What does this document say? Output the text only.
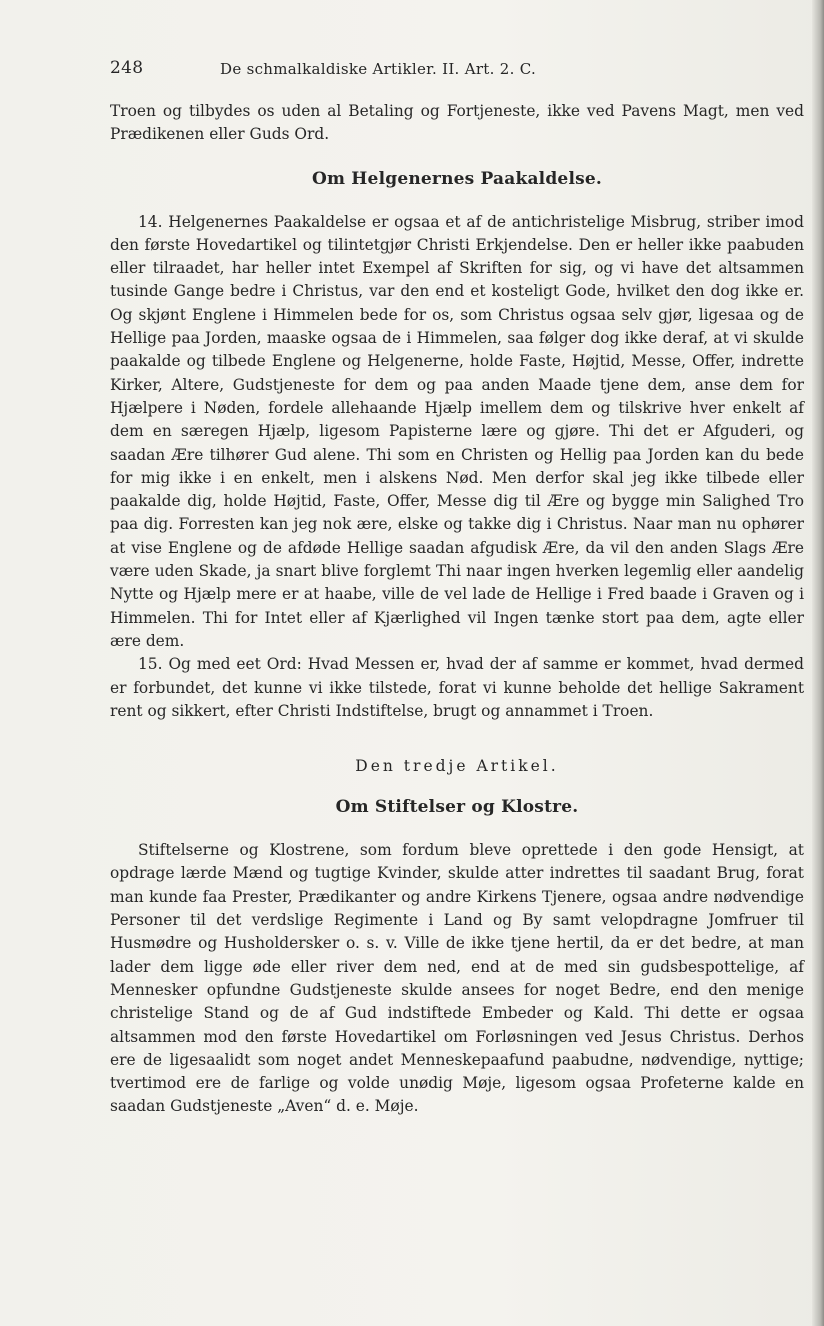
248	De schmalkaldiske Artikler. II. Art. 2. C.

Troen og tilbydes os uden al Betaling og Fortjeneste, ikke ved Pavens Magt, men ved Prædikenen eller Guds Ord.

Om Helgenernes Paakaldelse.

14. Helgenernes Paakaldelse er ogsaa et af de antichristelige Misbrug, striber imod den første Hovedartikel og tilintetgjør Christi Erkjendelse. Den er heller ikke paabuden eller tilraadet, har heller intet Exempel af Skriften for sig, og vi have det altsammen tusinde Gange bedre i Christus, var den end et kosteligt Gode, hvilket den dog ikke er. Og skjønt Englene i Himmelen bede for os, som Christus ogsaa selv gjør, ligesaa og de Hellige paa Jorden, maaske ogsaa de i Himmelen, saa følger dog ikke deraf, at vi skulde paakalde og tilbede Englene og Helgenerne, holde Faste, Højtid, Messe, Offer, indrette Kirker, Altere, Gudstjeneste for dem og paa anden Maade tjene dem, anse dem for Hjælpere i Nøden, fordele allehaande Hjælp imellem dem og tilskrive hver enkelt af dem en særegen Hjælp, ligesom Papisterne lære og gjøre. Thi det er Afguderi, og saadan Ære tilhører Gud alene. Thi som en Christen og Hellig paa Jorden kan du bede for mig ikke i en enkelt, men i alskens Nød. Men derfor skal jeg ikke tilbede eller paakalde dig, holde Højtid, Faste, Offer, Messe dig til Ære og bygge min Salighed Tro paa dig. Forresten kan jeg nok ære, elske og takke dig i Christus. Naar man nu ophører at vise Englene og de afdøde Hellige saadan afgudisk Ære, da vil den anden Slags Ære være uden Skade, ja snart blive forglemt Thi naar ingen hverken legemlig eller aandelig Nytte og Hjælp mere er at haabe, ville de vel lade de Hellige i Fred baade i Graven og i Himmelen. Thi for Intet eller af Kjærlighed vil Ingen tænke stort paa dem, agte eller ære dem.

15. Og med eet Ord: Hvad Messen er, hvad der af samme er kommet, hvad dermed er forbundet, det kunne vi ikke tilstede, forat vi kunne beholde det hellige Sakrament rent og sikkert, efter Christi Indstiftelse, brugt og annammet i Troen.

Den tredje Artikel.
Om Stiftelser og Klostre.

Stiftelserne og Klostrene, som fordum bleve oprettede i den gode Hensigt, at opdrage lærde Mænd og tugtige Kvinder, skulde atter indrettes til saadant Brug, forat man kunde faa Prester, Prædikanter og andre Kirkens Tjenere, ogsaa andre nødvendige Personer til det verdslige Regimente i Land og By samt velopdragne Jomfruer til Husmødre og Husholdersker o. s. v. Ville de ikke tjene hertil, da er det bedre, at man lader dem ligge øde eller river dem ned, end at de med sin gudsbespottelige, af Mennesker opfundne Gudstjeneste skulde ansees for noget Bedre, end den menige christelige Stand og de af Gud indstiftede Embeder og Kald. Thi dette er ogsaa altsammen mod den første Hovedartikel om Forløsningen ved Jesus Christus. Derhos ere de ligesaalidt som noget andet Menneskepaafund paabudne, nødvendige, nyttige; tvertimod ere de farlige og volde unødig Møje, ligesom ogsaa Profeterne kalde en saadan Gudstjeneste „Aven“ d. e. Møje.
